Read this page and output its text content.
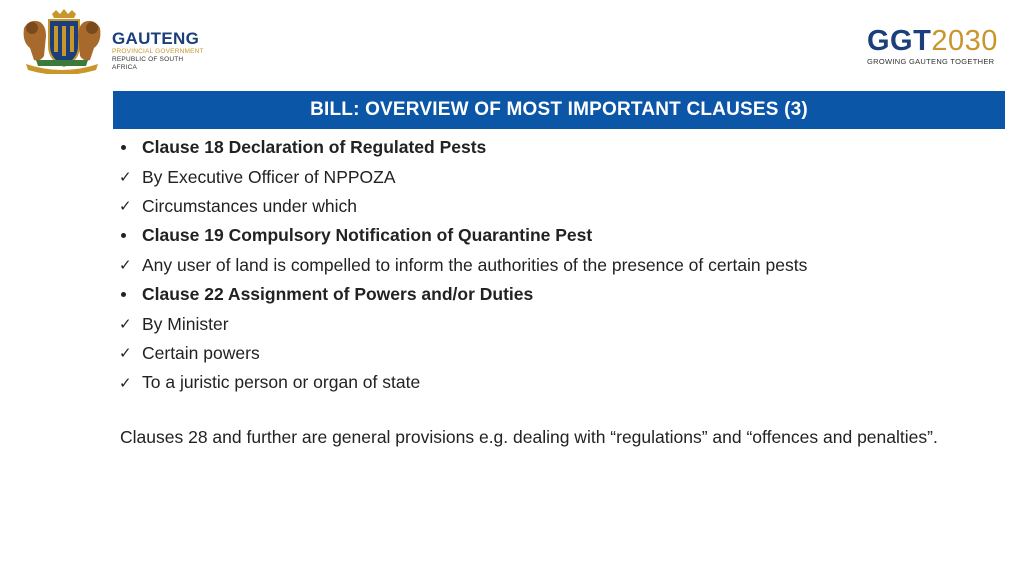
GAUTENG
PROVINCIAL GOVERNMENT
REPUBLIC OF SOUTH AFRICA
GGT2030
GROWING GAUTENG TOGETHER
BILL: OVERVIEW OF MOST IMPORTANT CLAUSES (3)
Clause 18 Declaration of Regulated Pests
✓ By Executive Officer of NPPOZA
✓ Circumstances under which
Clause 19 Compulsory Notification of Quarantine Pest
✓ Any user of land is compelled to inform the authorities of the presence of certain pests
Clause 22 Assignment of Powers and/or Duties
✓ By Minister
✓ Certain powers
✓ To a juristic person or organ of state
Clauses 28 and further are general provisions e.g. dealing with “regulations” and “offences and penalties”.
